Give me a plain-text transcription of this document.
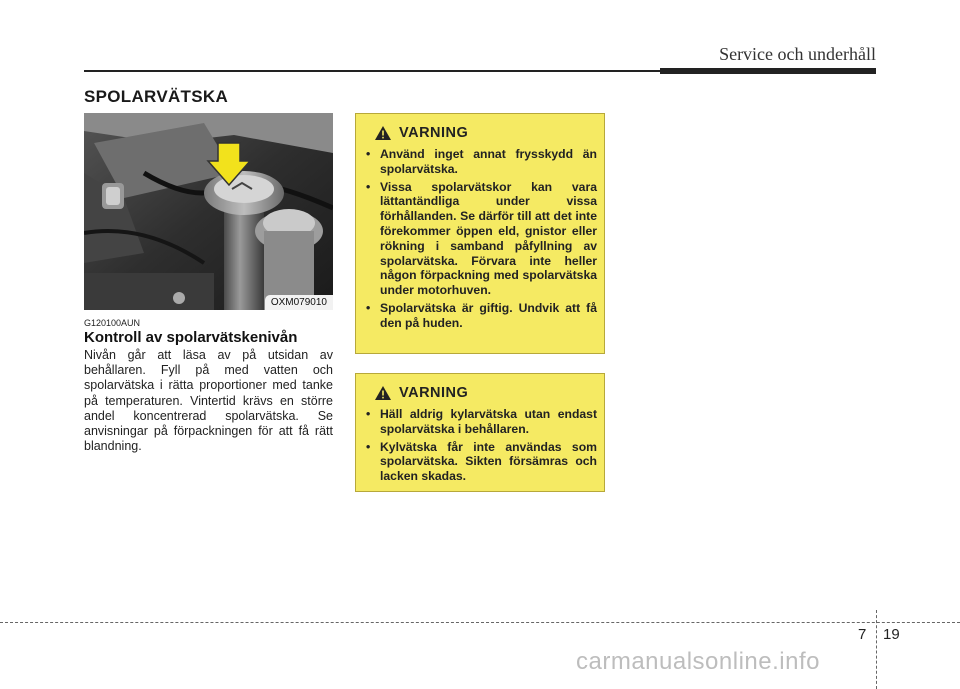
Service och underhåll
SPOLARVÄTSKA
OXM079010
G120100AUN
Kontroll av spolarvätskenivån
Nivån går att läsa av på utsidan av behållaren. Fyll på med vatten och spolarvätska i rätta proportioner med tanke på temperaturen. Vintertid krävs en större andel koncentrerad spolarvätska. Se anvisningar på förpackningen för att få rätt blandning.
VARNING
• Använd inget annat frysskydd än spolarvätska.
• Vissa spolarvätskor kan vara lättantändliga under vissa förhållanden. Se därför till att det inte förekommer öppen eld, gnistor eller rökning i samband påfyllning av spolarvätska. Förvara inte heller någon förpackning med spolarvätska under motorhuven.
• Spolarvätska är giftig. Undvik att få den på huden.
VARNING
• Häll aldrig kylarvätska utan endast spolarvätska i behållaren.
• Kylvätska får inte användas som spolarvätska. Sikten försämras och lacken skadas.
7 19
carmanualsonline.info
